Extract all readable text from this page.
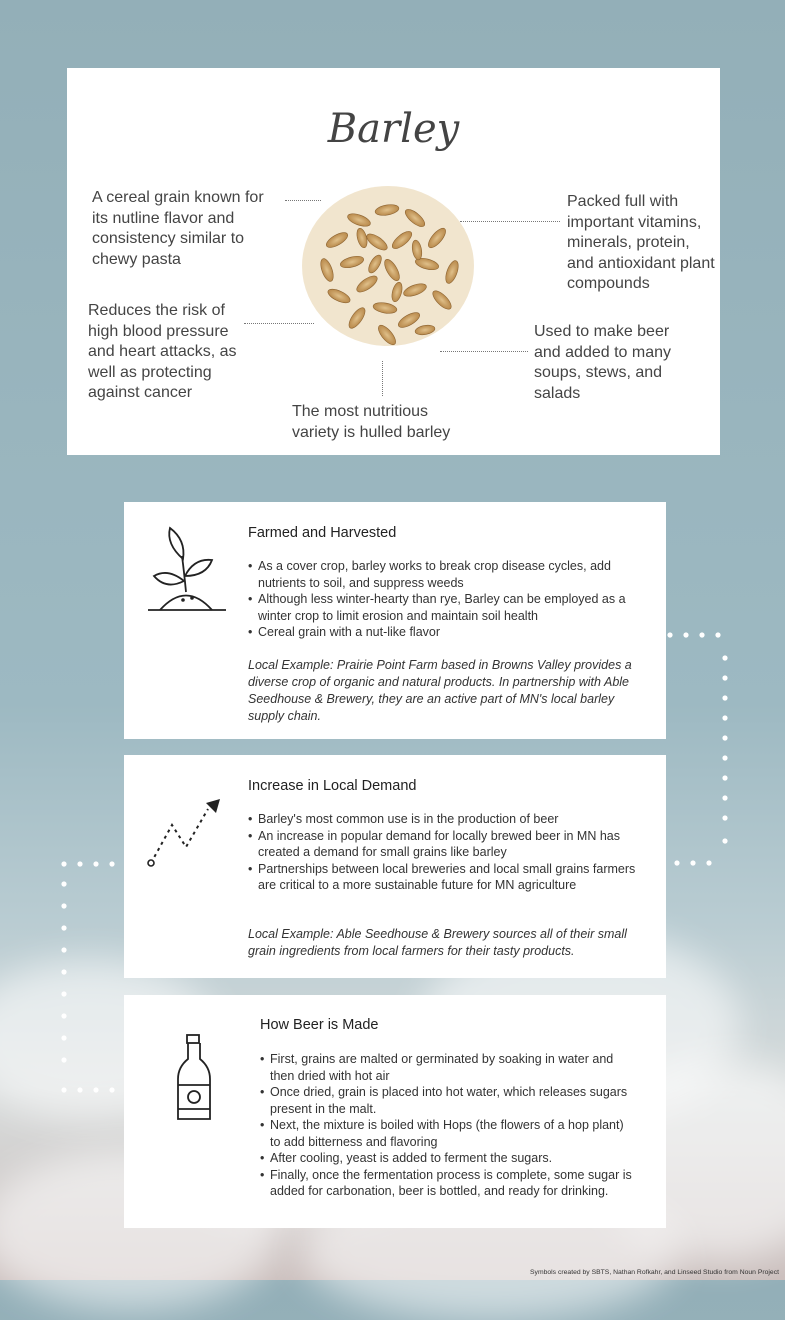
Barley
A cereal grain known for its nutline flavor and consistency similar to chewy pasta
Packed full with important vitamins, minerals, protein, and antioxidant plant compounds
Reduces the risk of high blood pressure and heart attacks, as well as protecting against cancer
Used to make beer and added to many soups, stews, and salads
The most nutritious variety is hulled barley
Farmed and Harvested
• As a cover crop, barley works to break crop disease cycles, add nutrients to soil, and suppress weeds
• Although less winter-hearty than rye, Barley can be employed as a winter crop to limit erosion and maintain soil health
• Cereal grain with a nut-like flavor

Local Example: Prairie Point Farm based in Browns Valley provides a diverse crop of organic and natural products. In partnership with Able Seedhouse & Brewery, they are an active part of MN's local barley supply chain.

Increase in Local Demand
• Barley's most common use is in the production of beer
• An increase in popular demand for locally brewed beer in MN has created a demand for small grains like barley
• Partnerships between local breweries and local small grains farmers are critical to a more sustainable future for MN agriculture

Local Example: Able Seedhouse & Brewery sources all of their small grain ingredients from local farmers for their tasty products.

How Beer is Made
• First, grains are malted or germinated by soaking in water and then dried with hot air
• Once dried, grain is placed into hot water, which releases sugars present in the malt.
• Next, the mixture is boiled with Hops (the flowers of a hop plant) to add bitterness and flavoring
• After cooling, yeast is added to ferment the sugars.
• Finally, once the fermentation process is complete, some sugar is added for carbonation, beer is bottled, and ready for drinking.
Symbols created by SBTS, Nathan Rofkahr, and Linseed Studio from Noun Project
